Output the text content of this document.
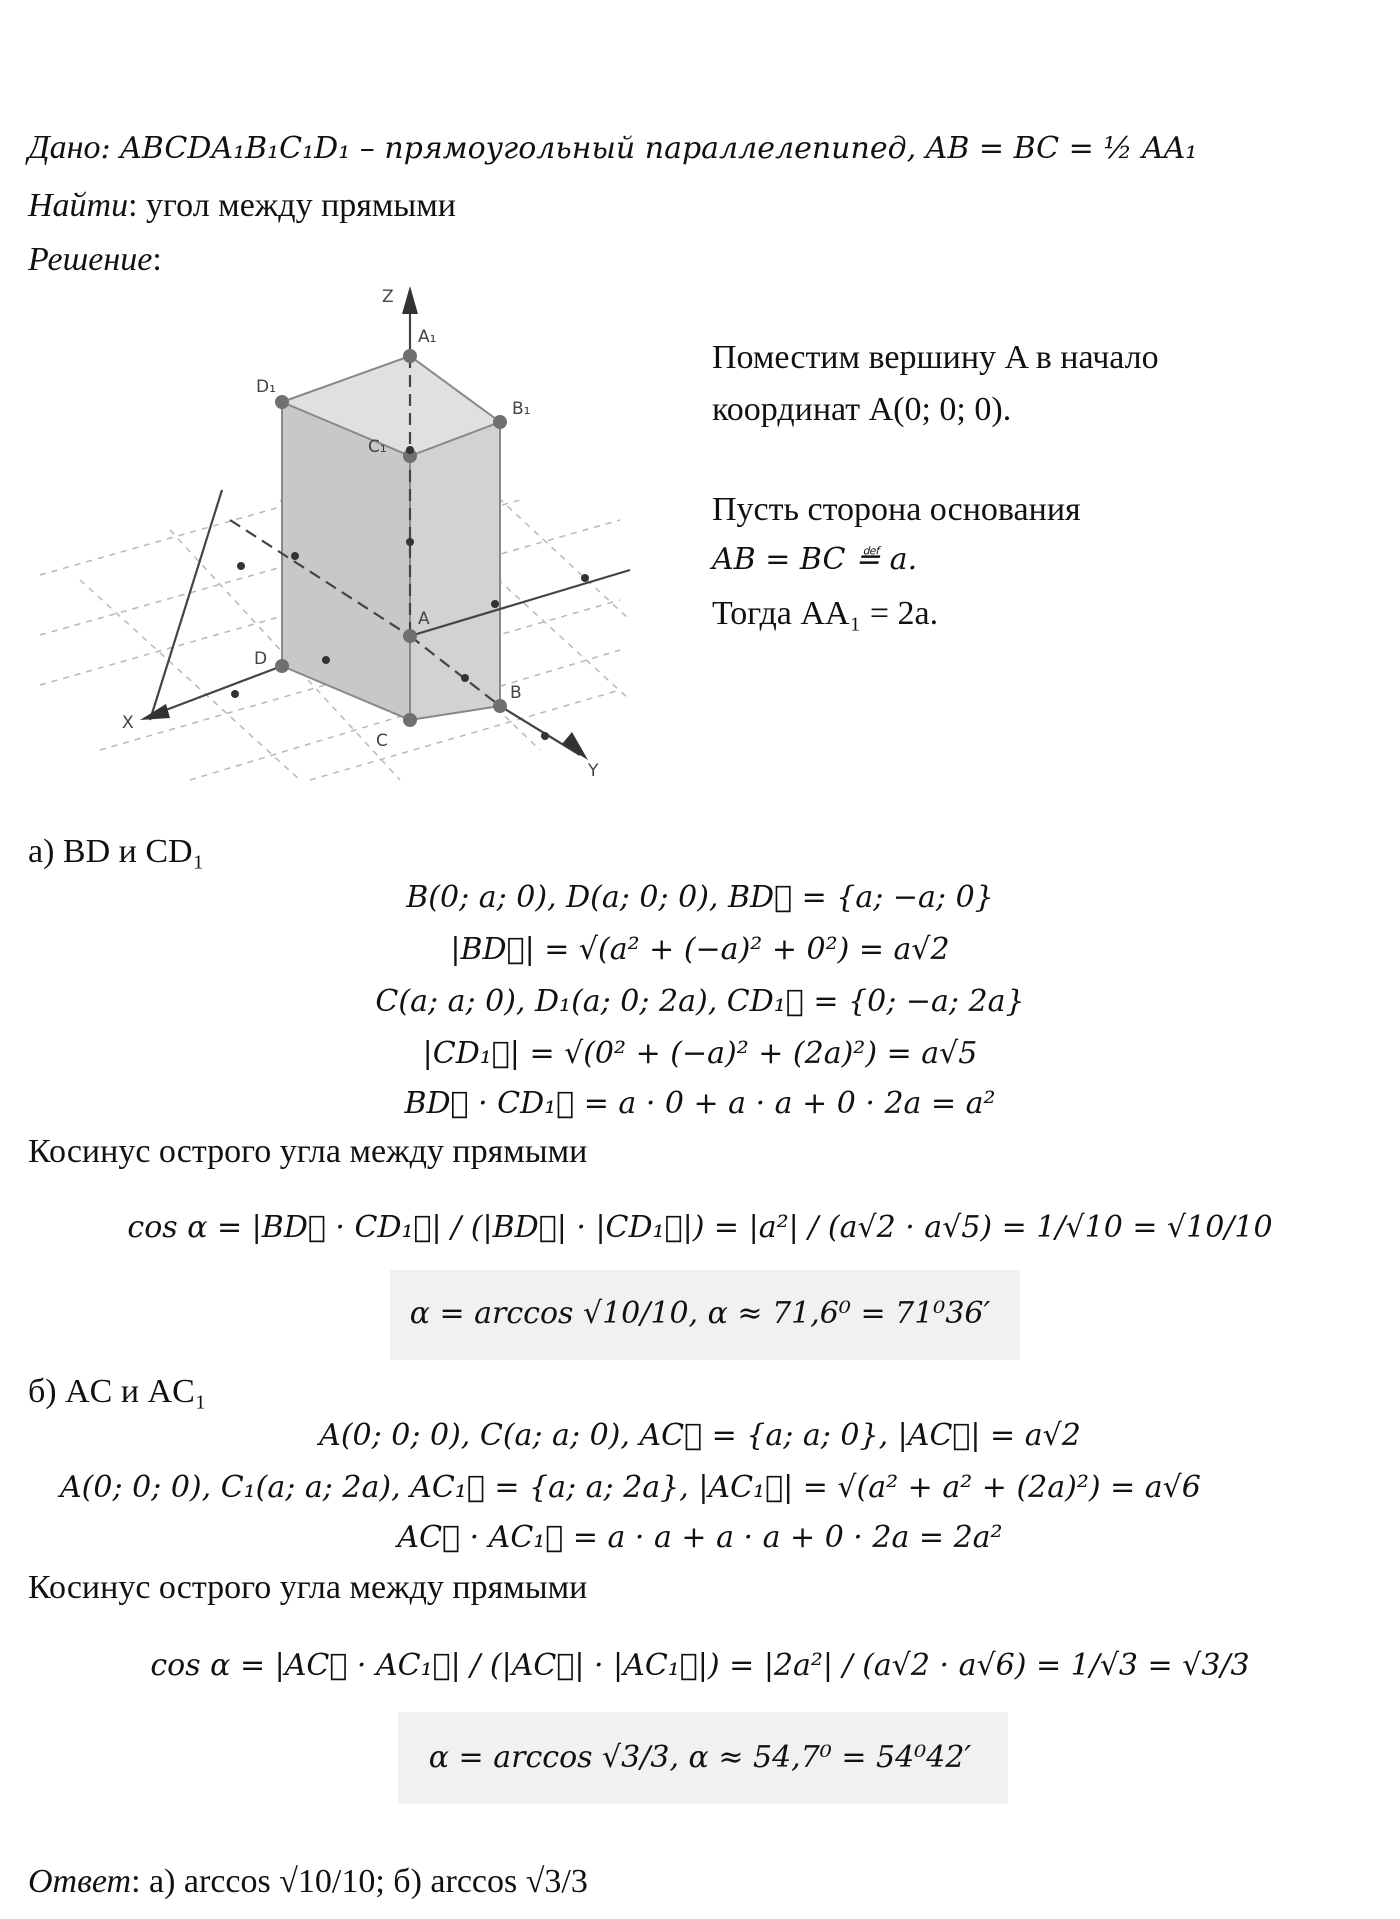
Дано: ABCDA₁B₁C₁D₁ – прямоугольный параллелепипед, AB = BC = ½ AA₁
Найти: угол между прямыми
Решение:
Z
X
Y
A₁
B₁
C₁
D₁
A
B
C
D
Поместим вершину A в начало
координат A(0; 0; 0).
Пусть сторона основания
AB = BC ≝ a.
Тогда AA₁ = 2a.
а) BD и CD₁
B(0; a; 0), D(a; 0; 0), BD⃗ = {a; −a; 0}
|BD⃗| = √(a² + (−a)² + 0²) = a√2
C(a; a; 0), D₁(a; 0; 2a), CD₁⃗ = {0; −a; 2a}
|CD₁⃗| = √(0² + (−a)² + (2a)²) = a√5
BD⃗ · CD₁⃗ = a · 0 + a · a + 0 · 2a = a²
Косинус острого угла между прямыми
cos α = |BD⃗ · CD₁⃗| / (|BD⃗| · |CD₁⃗|) = |a²| / (a√2 · a√5) = 1/√10 = √10/10
α = arccos √10/10, α ≈ 71,6⁰ = 71⁰36′
б) AC и AC₁
A(0; 0; 0), C(a; a; 0), AC⃗ = {a; a; 0}, |AC⃗| = a√2
A(0; 0; 0), C₁(a; a; 2a), AC₁⃗ = {a; a; 2a}, |AC₁⃗| = √(a² + a² + (2a)²) = a√6
AC⃗ · AC₁⃗ = a · a + a · a + 0 · 2a = 2a²
Косинус острого угла между прямыми
cos α = |AC⃗ · AC₁⃗| / (|AC⃗| · |AC₁⃗|) = |2a²| / (a√2 · a√6) = 1/√3 = √3/3
α = arccos √3/3, α ≈ 54,7⁰ = 54⁰42′
Ответ: а) arccos √10/10; б) arccos √3/3
